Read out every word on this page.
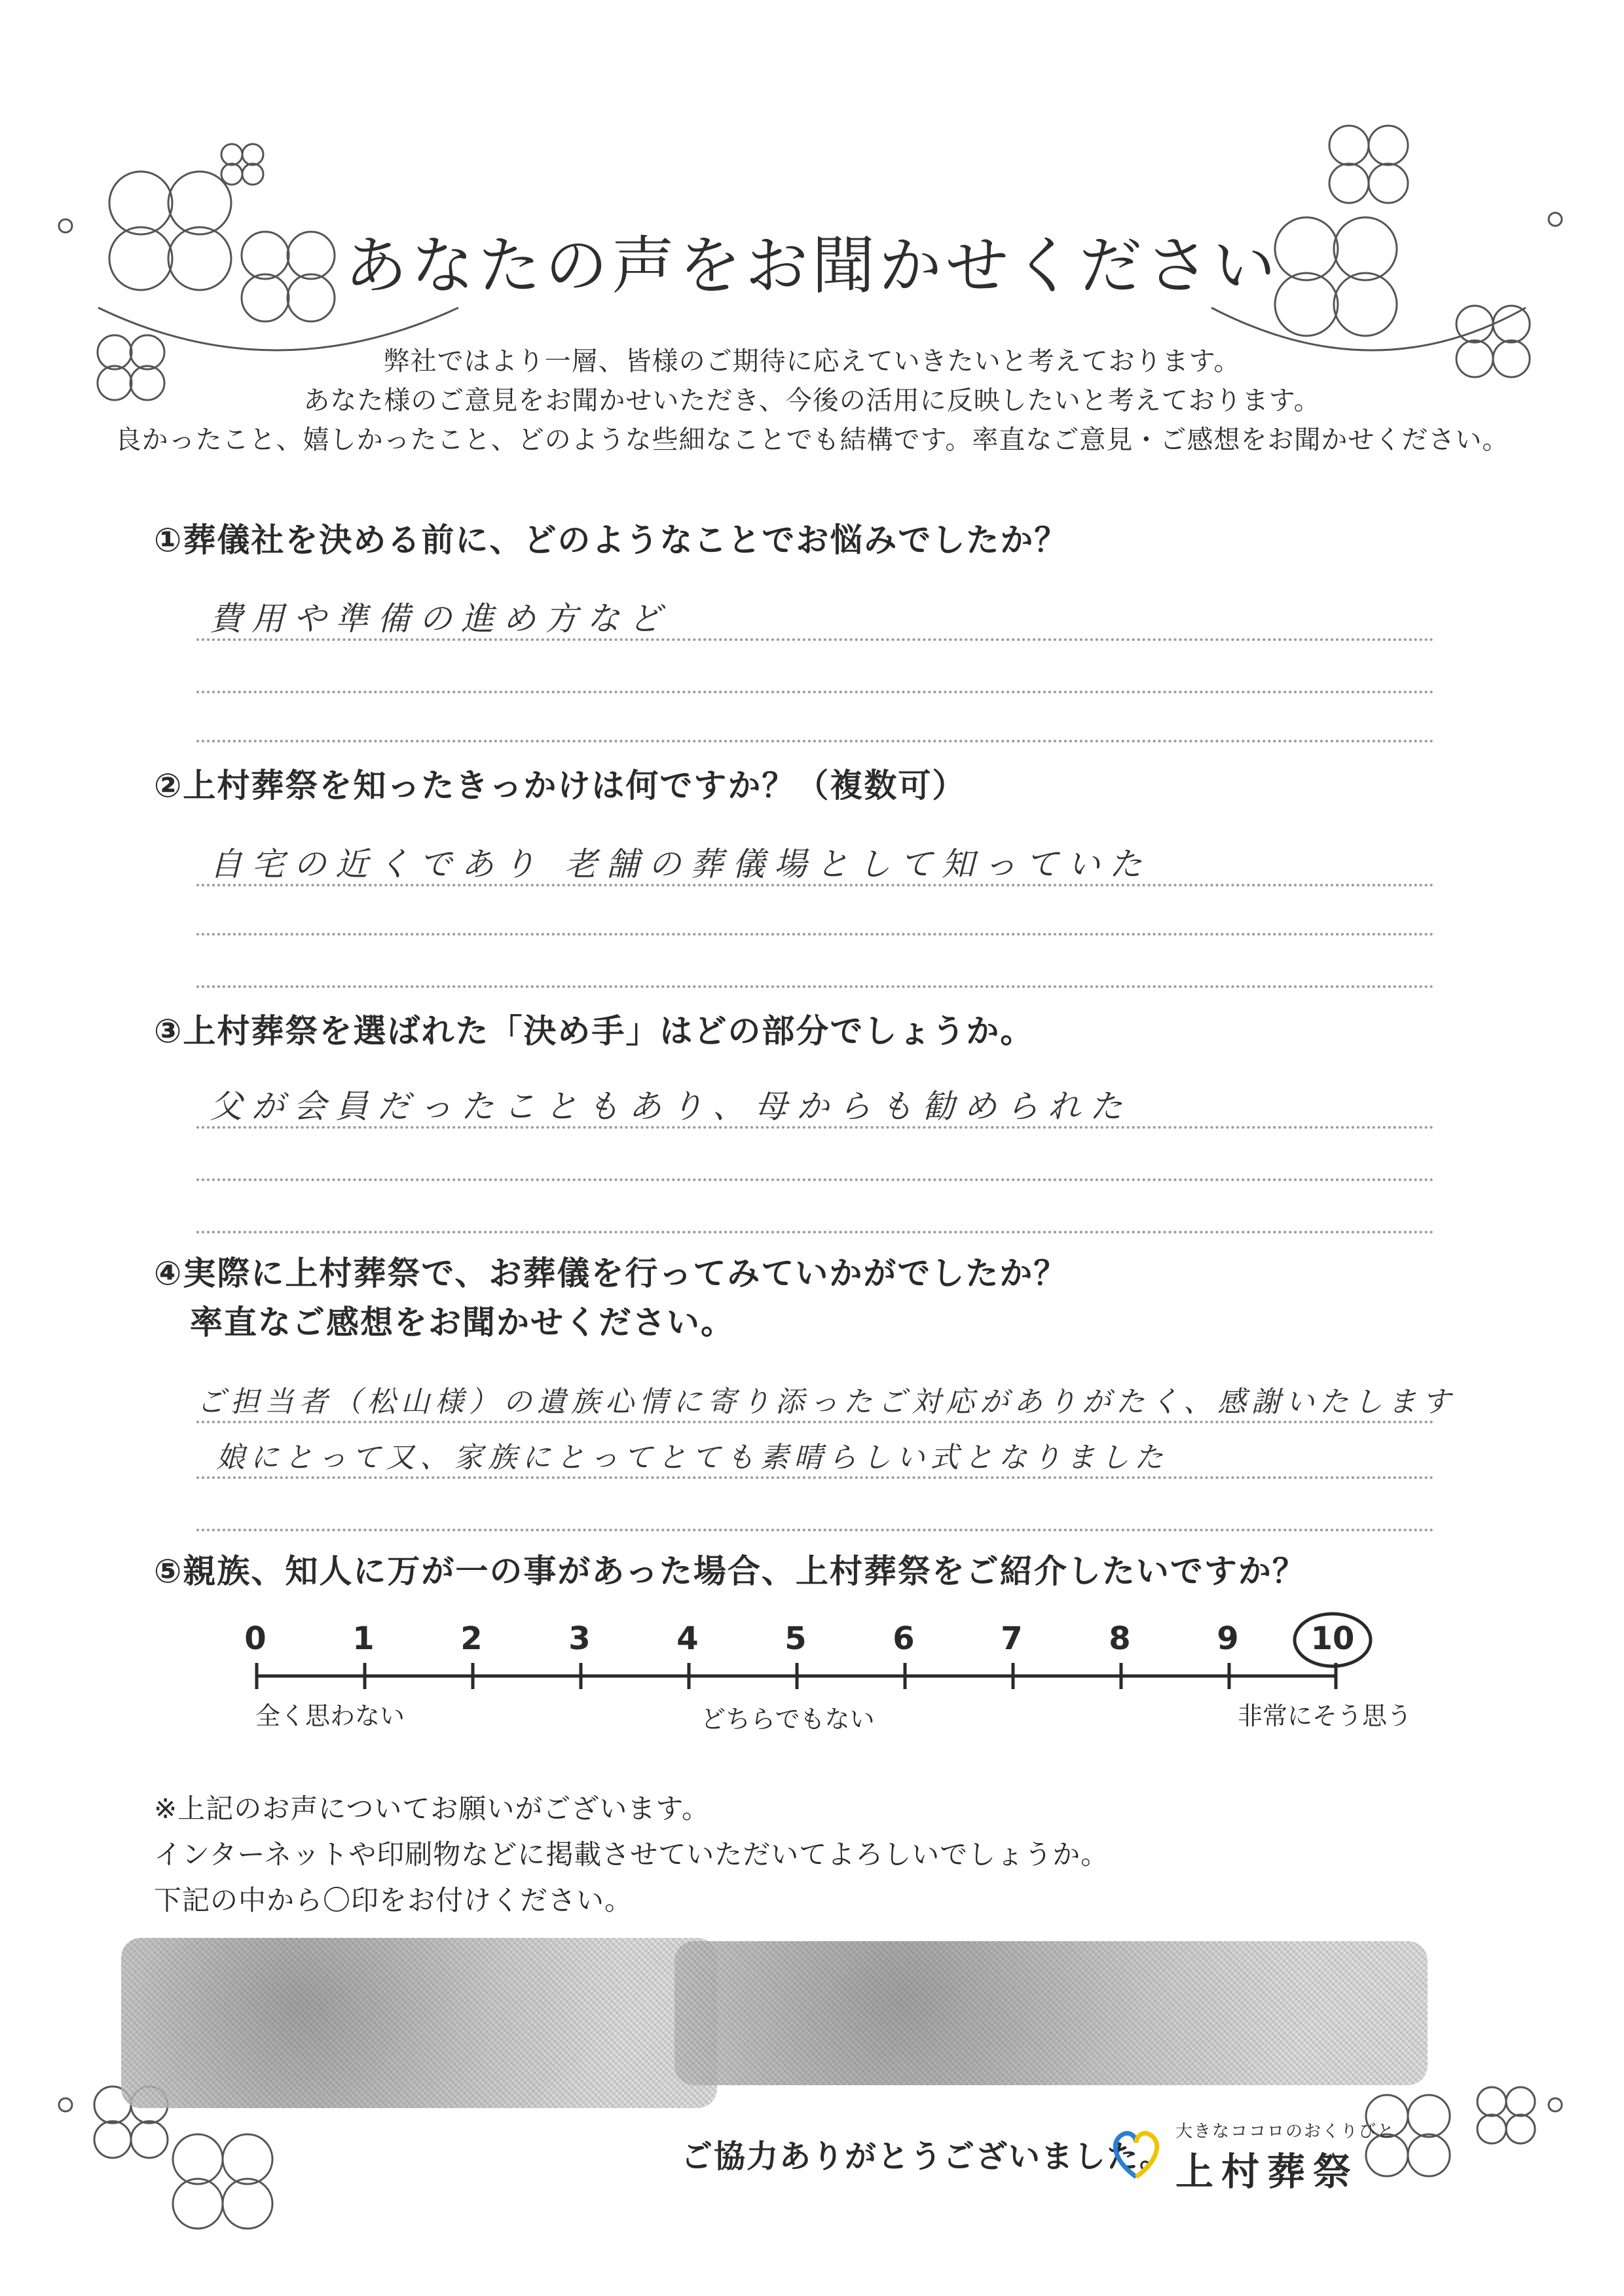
あなたの声をお聞かせください
弊社ではより一層、皆様のご期待に応えていきたいと考えております。
あなた様のご意見をお聞かせいただき、今後の活用に反映したいと考えております。
良かったこと、嬉しかったこと、どのような些細なことでも結構です。率直なご意見・ご感想をお聞かせください。
①葬儀社を決める前に、どのようなことでお悩みでしたか？
費用や準備の進め方など
②上村葬祭を知ったきっかけは何ですか？（複数可）
自宅の近くであり 老舗の葬儀場として知っていた
③上村葬祭を選ばれた「決め手」はどの部分でしょうか。
父が会員だったこともあり、母からも勧められた
④実際に上村葬祭で、お葬儀を行ってみていかがでしたか？
率直なご感想をお聞かせください。
ご担当者（松山様）の遺族心情に寄り添ったご対応がありがたく、感謝いたします
娘にとって又、家族にとってとても素晴らしい式となりました
⑤親族、知人に万が一の事があった場合、上村葬祭をご紹介したいですか？
0	1	2	3	4	5	6	7	8	9	10
全く思わない	どちらでもない	非常にそう思う
※上記のお声についてお願いがございます。
インターネットや印刷物などに掲載させていただいてよろしいでしょうか。
下記の中から〇印をお付けください。
ご協力ありがとうございました。
大きなココロのおくりびと
上村葬祭
